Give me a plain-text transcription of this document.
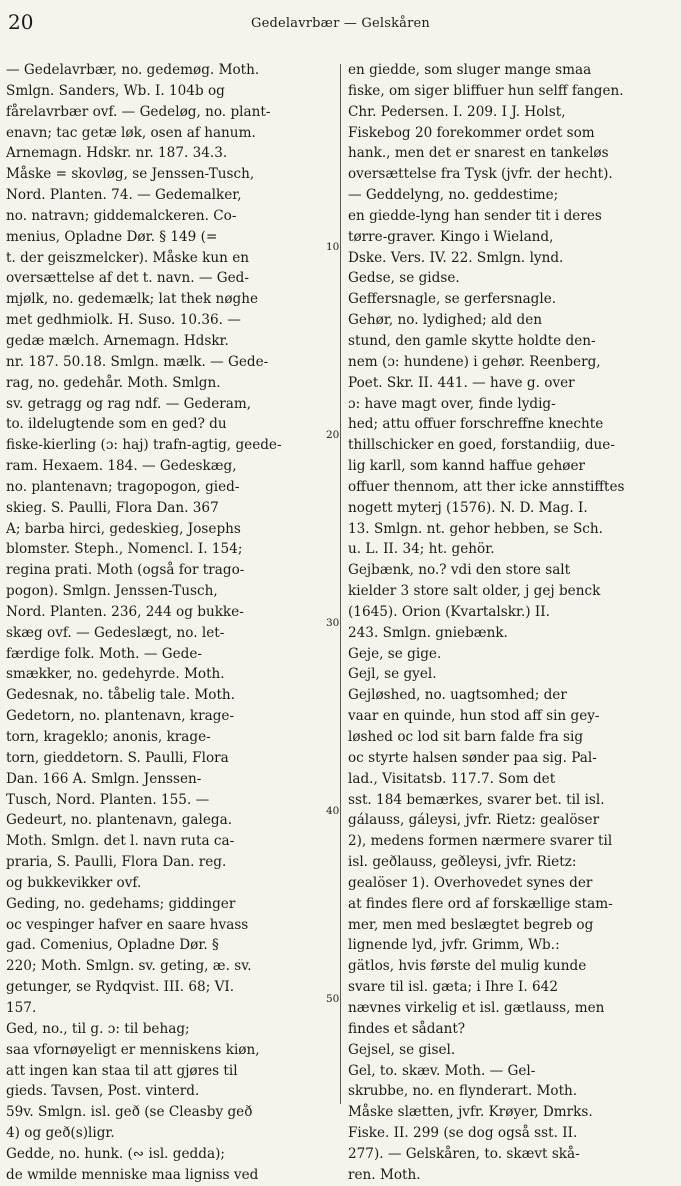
20	Gedelavrbær — Gelskåren
— Gedelavrbær, no. gedemøg. Moth.
Smlgn. Sanders, Wb. I. 104b og
fårelavrbær ovf. — Gedeløg, no. plant-
enavn; tac getæ løk, osen af hanum.
Arnemagn. Hdskr. nr. 187. 34.3.
Måske = skovløg, se Jenssen-Tusch,
Nord. Planten. 74. — Gedemalker,
no. natravn; giddemalckeren. Co-
menius, Opladne Dør. § 149 (=
t. der geiszmelcker). Måske kun en
oversættelse af det t. navn. — Ged-
mjølk, no. gedemælk; lat thek nøghe
met gedhmiolk. H. Suso. 10.36. —
gedæ mælch. Arnemagn. Hdskr.
nr. 187. 50.18. Smlgn. mælk. — Gede-
rag, no. gedehår. Moth. Smlgn.
sv. getragg og rag ndf. — Gederam,
to. ildelugtende som en ged? du
fiske-kierling (ɔ: haj) trafn-agtig, geede-
ram. Hexaem. 184. — Gedeskæg,
no. plantenavn; tragopogon, gied-
skieg. S. Paulli, Flora Dan. 367
A; barba hirci, gedeskieg, Josephs
blomster. Steph., Nomencl. I. 154;
regina prati. Moth (også for trago-
pogon). Smlgn. Jenssen-Tusch,
Nord. Planten. 236, 244 og bukke-
skæg ovf. — Gedeslægt, no. let-
færdige folk. Moth. — Gede-
smækker, no. gedehyrde. Moth.
Gedesnak, no. tåbelig tale. Moth.
Gedetorn, no. plantenavn, krage-
torn, krageklo; anonis, krage-
torn, gieddetorn. S. Paulli, Flora
Dan. 166 A. Smlgn. Jenssen-
Tusch, Nord. Planten. 155. —
Gedeurt, no. plantenavn, galega.
Moth. Smlgn. det l. navn ruta ca-
praria, S. Paulli, Flora Dan. reg.
og bukkevikker ovf.
Geding, no. gedehams; giddinger
oc vespinger hafver en saare hvass
gad. Comenius, Opladne Dør. §
220; Moth. Smlgn. sv. geting, æ. sv.
getunger, se Rydqvist. III. 68; VI.
157.
Ged, no., til g. ɔ: til behag;
saa vfornøyeligt er menniskens kiøn,
att ingen kan staa til att gjøres til
gieds. Tavsen, Post. vinterd.
59v. Smlgn. isl. geð (se Cleasby geð
4) og geð(s)ligr.
Gedde, no. hunk. (∾ isl. gedda);
de wmilde menniske maa ligniss ved
en giedde, som sluger mange smaa
fiske, om siger bliffuer hun selff fangen.
Chr. Pedersen. I. 209. I J. Holst,
Fiskebog 20 forekommer ordet som
hank., men det er snarest en tankeløs
oversættelse fra Tysk (jvfr. der hecht).
— Geddelyng, no. geddestime;
en giedde-lyng han sender tit i deres
tørre-graver. Kingo i Wieland,
Dske. Vers. IV. 22. Smlgn. lynd.
Gedse, se gidse.
Geffersnagle, se gerfersnagle.
Gehør, no. lydighed; ald den
stund, den gamle skytte holdte den-
nem (ɔ: hundene) i gehør. Reenberg,
Poet. Skr. II. 441. — have g. over
ɔ: have magt over, finde lydig-
hed; attu offuer forschreffne knechte
thillschicker en goed, forstandiig, due-
lig karll, som kannd haffue gehøer
offuer thennom, att ther icke annstifftes
nogett myterj (1576). N. D. Mag. I.
13. Smlgn. nt. gehor hebben, se Sch.
u. L. II. 34; ht. gehör.
Gejbænk, no.? vdi den store salt
kielder 3 store salt older, j gej benck
(1645). Orion (Kvartalskr.) II.
243. Smlgn. gniebænk.
Geje, se gige.
Gejl, se gyel.
Gejløshed, no. uagtsomhed; der
vaar en quinde, hun stod aff sin gey-
løshed oc lod sit barn falde fra sig
oc styrte halsen sønder paa sig. Pal-
lad., Visitatsb. 117.7. Som det
sst. 184 bemærkes, svarer bet. til isl.
gálauss, gáleysi, jvfr. Rietz: gealöser
2), medens formen nærmere svarer til
isl. geðlauss, geðleysi, jvfr. Rietz:
gealöser 1). Overhovedet synes der
at findes flere ord af forskællige stam-
mer, men med beslægtet begreb og
lignende lyd, jvfr. Grimm, Wb.:
gätlos, hvis første del mulig kunde
svare til isl. gæta; i Ihre I. 642
nævnes virkelig et isl. gætlauss, men
findes et sådant?
Gejsel, se gisel.
Gel, to. skæv. Moth. — Gel-
skrubbe, no. en flynderart. Moth.
Måske slætten, jvfr. Krøyer, Dmrks.
Fiske. II. 299 (se dog også sst. II.
277). — Gelskåren, to. skævt skå-
ren. Moth.
10
20
30
40
50
